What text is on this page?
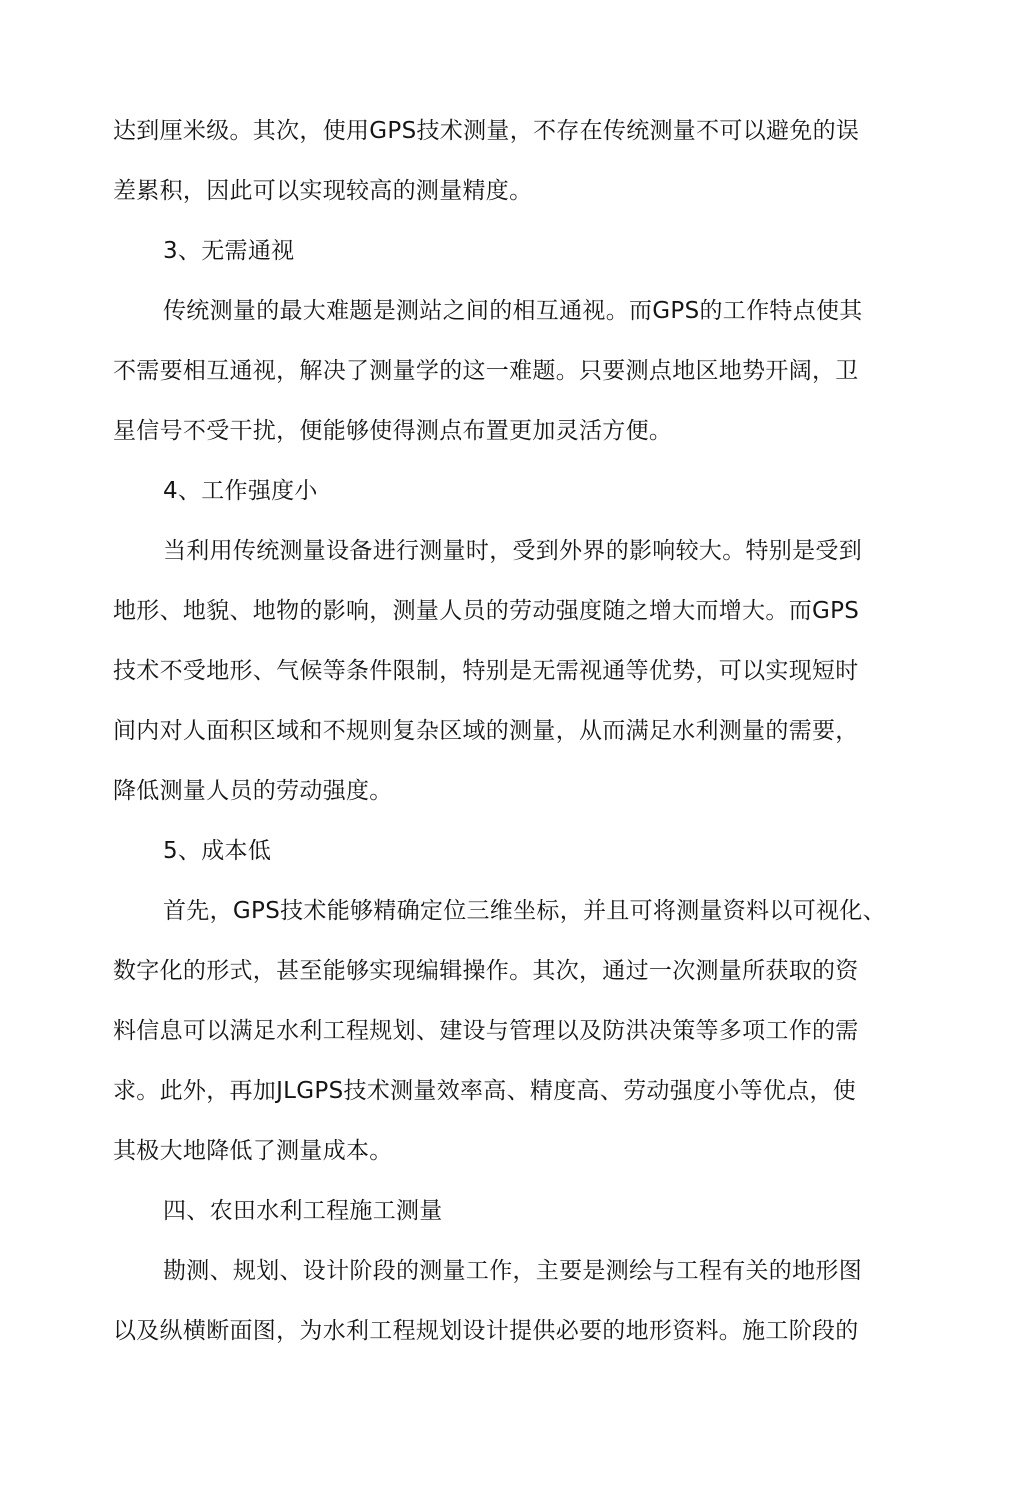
达到厘米级。其次，使用GPS技术测量，不存在传统测量不可以避免的误
差累积，因此可以实现较高的测量精度。
3、无需通视
传统测量的最大难题是测站之间的相互通视。而GPS的工作特点使其
不需要相互通视，解决了测量学的这一难题。只要测点地区地势开阔，卫
星信号不受干扰，便能够使得测点布置更加灵活方便。
4、工作强度小
当利用传统测量设备进行测量时，受到外界的影响较大。特别是受到
地形、地貌、地物的影响，测量人员的劳动强度随之增大而增大。而GPS
技术不受地形、气候等条件限制，特别是无需视通等优势，可以实现短时
间内对人面积区域和不规则复杂区域的测量，从而满足水利测量的需要，
降低测量人员的劳动强度。
5、成本低
首先，GPS技术能够精确定位三维坐标，并且可将测量资料以可视化、
数字化的形式，甚至能够实现编辑操作。其次，通过一次测量所获取的资
料信息可以满足水利工程规划、建设与管理以及防洪决策等多项工作的需
求。此外，再加JLGPS技术测量效率高、精度高、劳动强度小等优点，使
其极大地降低了测量成本。
四、农田水利工程施工测量
勘测、规划、设计阶段的测量工作，主要是测绘与工程有关的地形图
以及纵横断面图，为水利工程规划设计提供必要的地形资料。施工阶段的
